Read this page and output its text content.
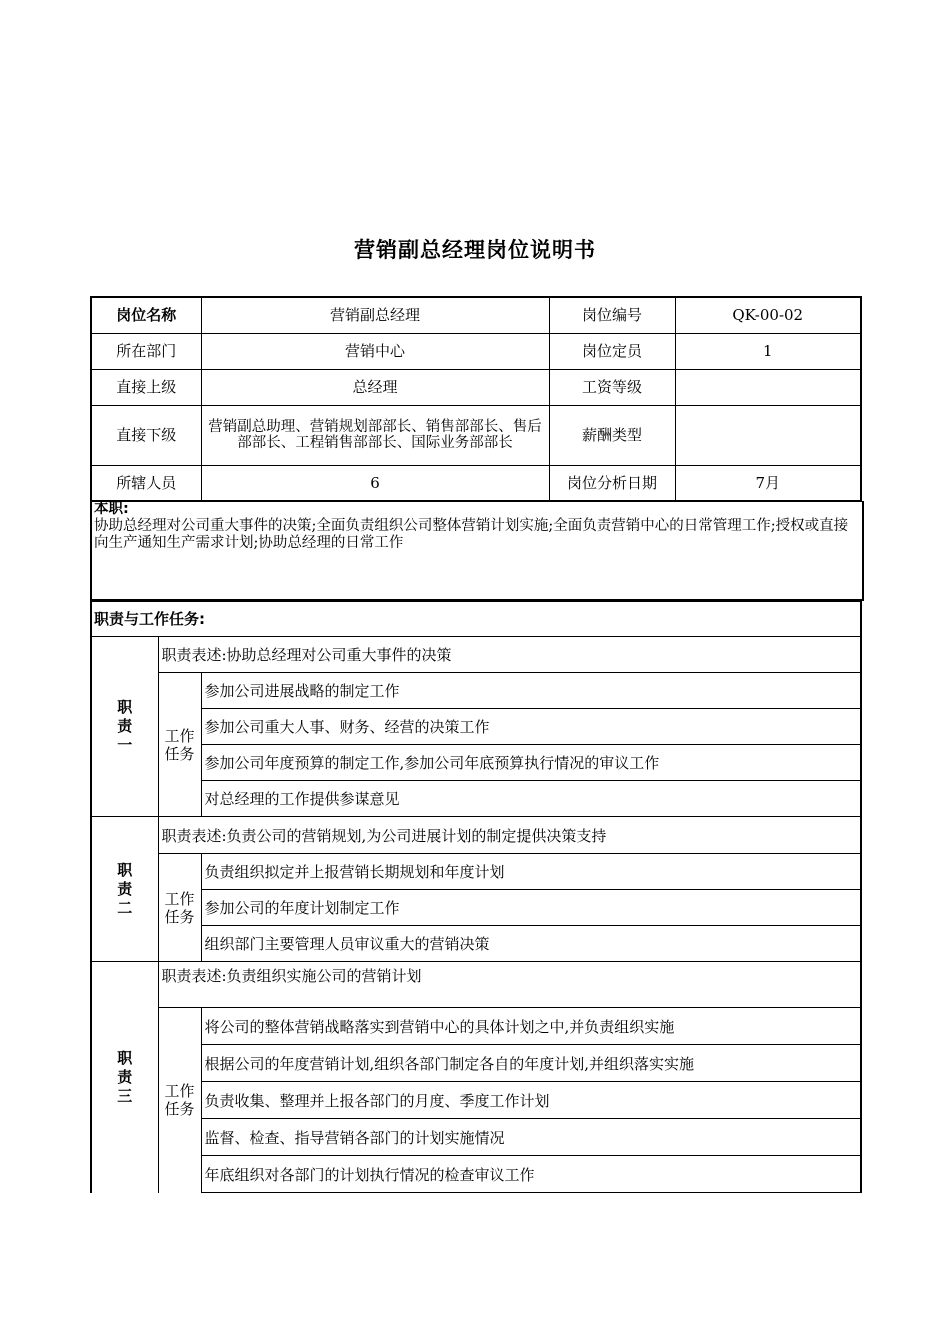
营销副总经理岗位说明书
岗位名称	营销副总经理	岗位编号	QK-00-02
所在部门	营销中心	岗位定员	1
直接上级	总经理	工资等级	
直接下级	营销副总助理、营销规划部部长、销售部部长、售后部部长、工程销售部部长、国际业务部部长	薪酬类型	
所辖人员	6	岗位分析日期	7月
本职:
协助总经理对公司重大事件的决策;全面负责组织公司整体营销计划实施;全面负责营销中心的日常管理工作;授权或直接向生产通知生产需求计划;协助总经理的日常工作
职责与工作任务:
职责一	职责表述:协助总经理对公司重大事件的决策	
	工作任务	参加公司进展战略的制定工作
		参加公司重大人事、财务、经营的决策工作
		参加公司年度预算的制定工作,参加公司年底预算执行情况的审议工作
		对总经理的工作提供参谋意见
职责二	职责表述:负责公司的营销规划,为公司进展计划的制定提供决策支持	
	工作任务	负责组织拟定并上报营销长期规划和年度计划
		参加公司的年度计划制定工作
		组织部门主要管理人员审议重大的营销决策
职责三	职责表述:负责组织实施公司的营销计划	
	工作任务	将公司的整体营销战略落实到营销中心的具体计划之中,并负责组织实施
		根据公司的年度营销计划,组织各部门制定各自的年度计划,并组织落实实施
		负责收集、整理并上报各部门的月度、季度工作计划
		监督、检查、指导营销各部门的计划实施情况
		年底组织对各部门的计划执行情况的检查审议工作
